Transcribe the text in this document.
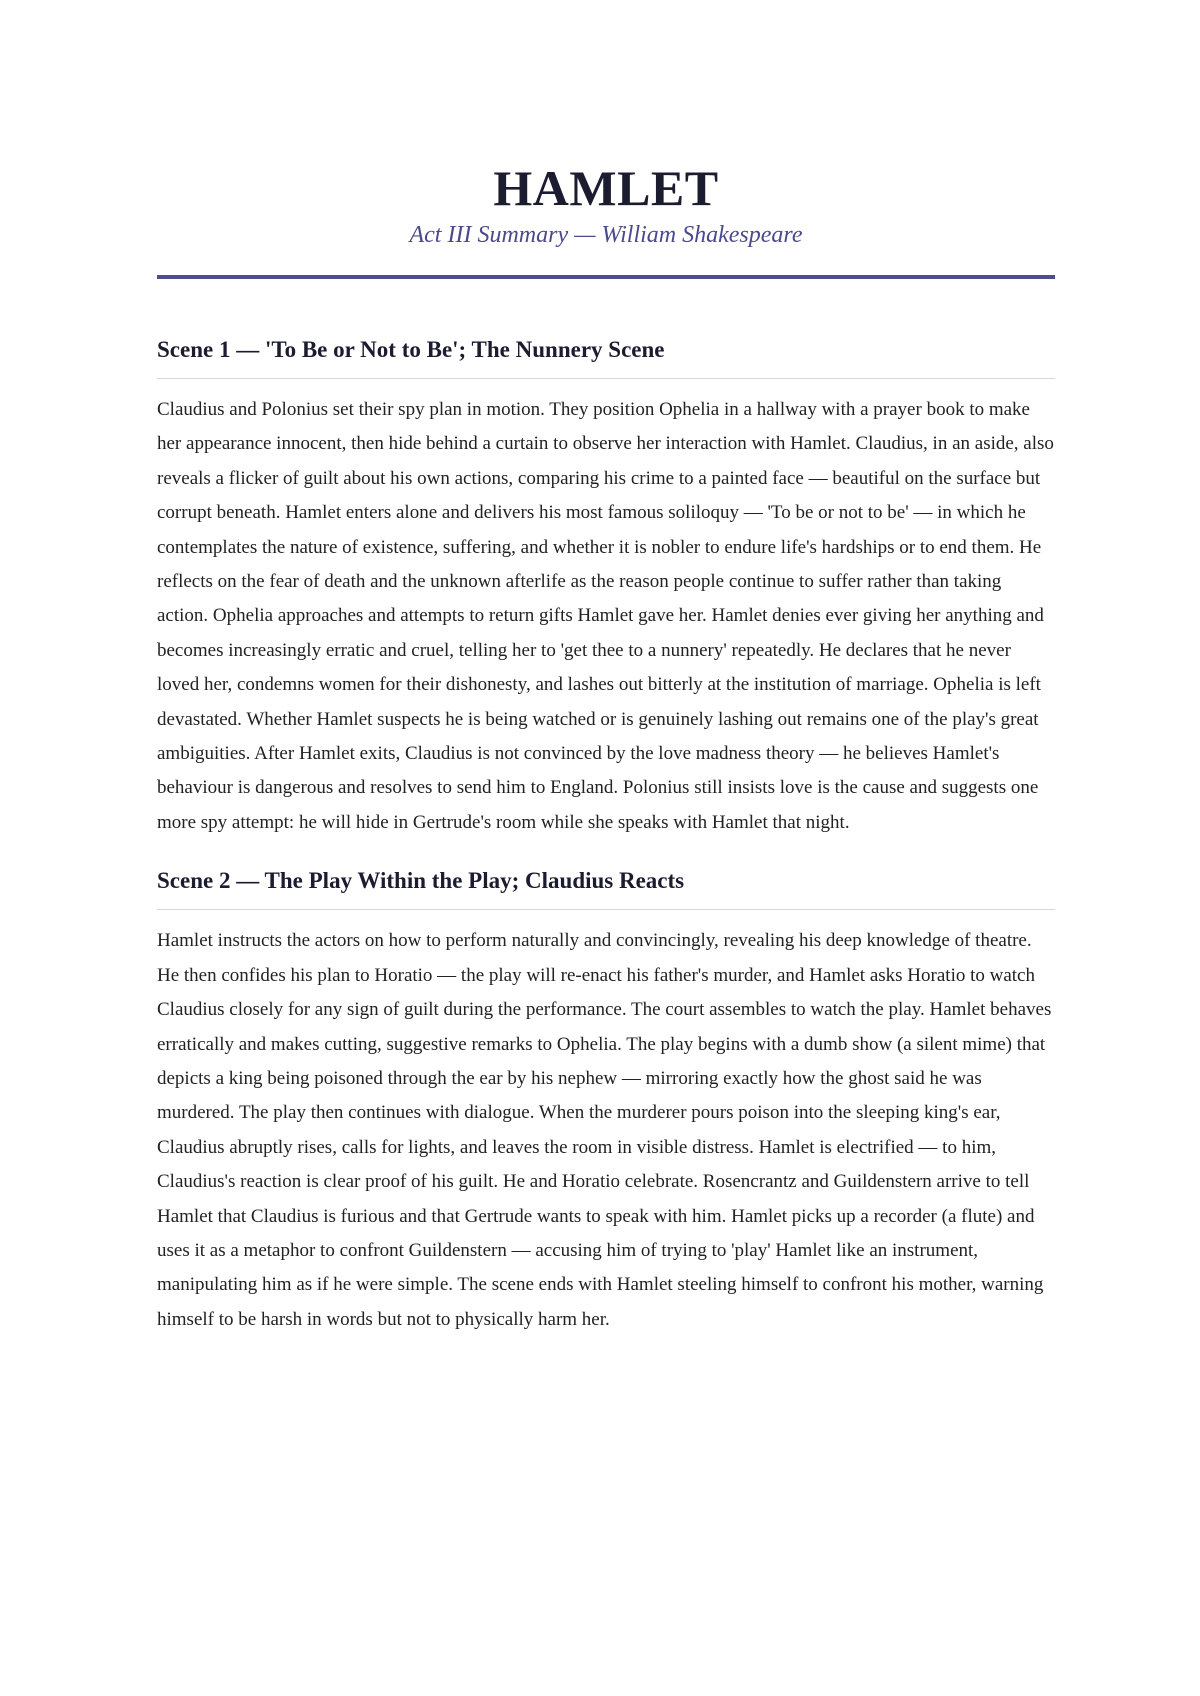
HAMLET

Act III Summary — William Shakespeare

Scene 1 — 'To Be or Not to Be'; The Nunnery Scene

Claudius and Polonius set their spy plan in motion. They position Ophelia in a hallway with a prayer book to make her appearance innocent, then hide behind a curtain to observe her interaction with Hamlet. Claudius, in an aside, also reveals a flicker of guilt about his own actions, comparing his crime to a painted face — beautiful on the surface but corrupt beneath. Hamlet enters alone and delivers his most famous soliloquy — 'To be or not to be' — in which he contemplates the nature of existence, suffering, and whether it is nobler to endure life's hardships or to end them. He reflects on the fear of death and the unknown afterlife as the reason people continue to suffer rather than taking action. Ophelia approaches and attempts to return gifts Hamlet gave her. Hamlet denies ever giving her anything and becomes increasingly erratic and cruel, telling her to 'get thee to a nunnery' repeatedly. He declares that he never loved her, condemns women for their dishonesty, and lashes out bitterly at the institution of marriage. Ophelia is left devastated. Whether Hamlet suspects he is being watched or is genuinely lashing out remains one of the play's great ambiguities. After Hamlet exits, Claudius is not convinced by the love madness theory — he believes Hamlet's behaviour is dangerous and resolves to send him to England. Polonius still insists love is the cause and suggests one more spy attempt: he will hide in Gertrude's room while she speaks with Hamlet that night.

Scene 2 — The Play Within the Play; Claudius Reacts

Hamlet instructs the actors on how to perform naturally and convincingly, revealing his deep knowledge of theatre. He then confides his plan to Horatio — the play will re-enact his father's murder, and Hamlet asks Horatio to watch Claudius closely for any sign of guilt during the performance. The court assembles to watch the play. Hamlet behaves erratically and makes cutting, suggestive remarks to Ophelia. The play begins with a dumb show (a silent mime) that depicts a king being poisoned through the ear by his nephew — mirroring exactly how the ghost said he was murdered. The play then continues with dialogue. When the murderer pours poison into the sleeping king's ear, Claudius abruptly rises, calls for lights, and leaves the room in visible distress. Hamlet is electrified — to him, Claudius's reaction is clear proof of his guilt. He and Horatio celebrate. Rosencrantz and Guildenstern arrive to tell Hamlet that Claudius is furious and that Gertrude wants to speak with him. Hamlet picks up a recorder (a flute) and uses it as a metaphor to confront Guildenstern — accusing him of trying to 'play' Hamlet like an instrument, manipulating him as if he were simple. The scene ends with Hamlet steeling himself to confront his mother, warning himself to be harsh in words but not to physically harm her.
